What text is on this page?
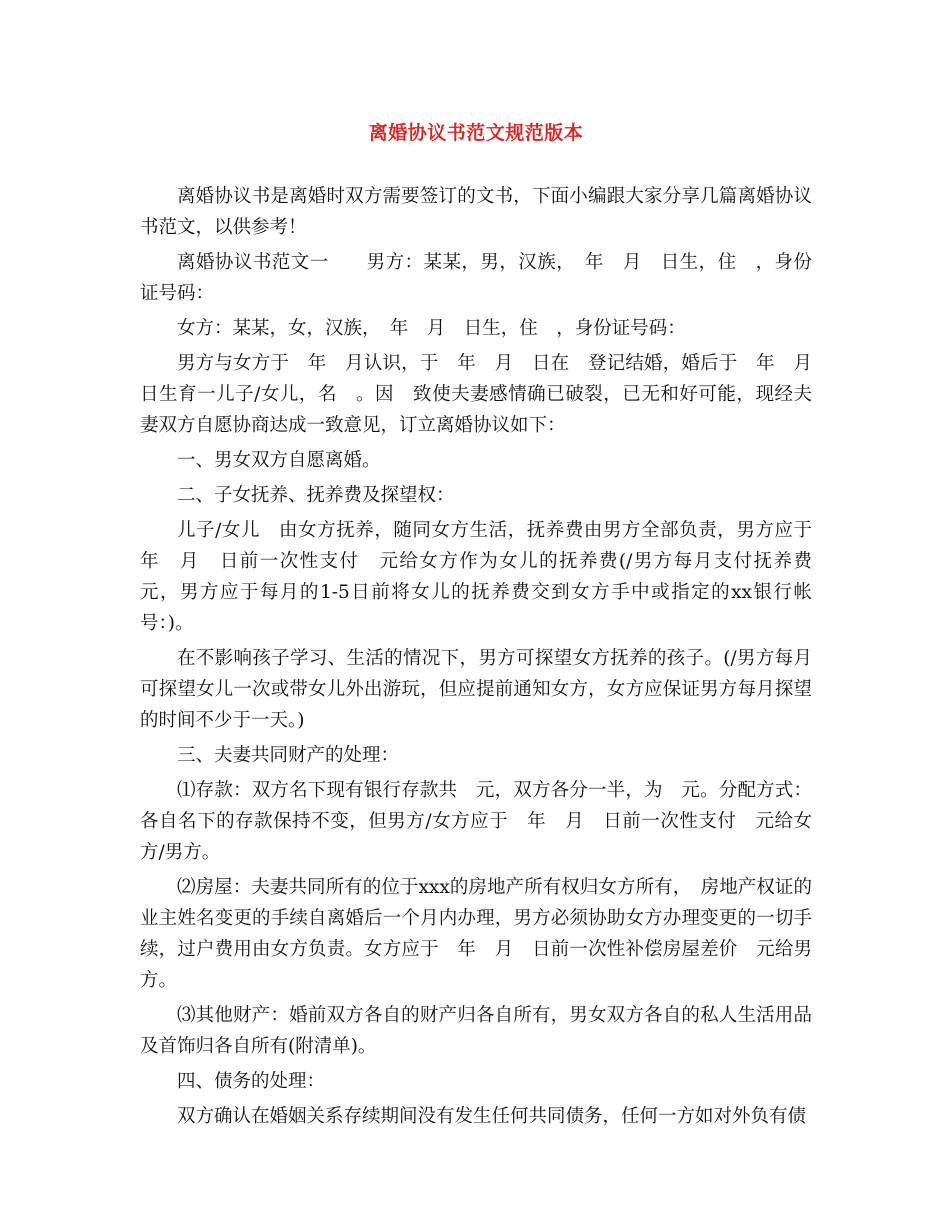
离婚协议书范文规范版本

离婚协议书是离婚时双方需要签订的文书，下面小编跟大家分享几篇离婚协议书范文，以供参考！

离婚协议书范文一　　男方：某某，男，汉族，　年　月　日生，住　，身份证号码：

女方：某某，女，汉族，　年　月　日生，住　，身份证号码：

男方与女方于　年　月认识，于　年　月　日在　登记结婚，婚后于　年　月　日生育一儿子/女儿，名　。因　致使夫妻感情确已破裂，已无和好可能，现经夫妻双方自愿协商达成一致意见，订立离婚协议如下：

一、男女双方自愿离婚。

二、子女抚养、抚养费及探望权：

儿子/女儿　由女方抚养，随同女方生活，抚养费由男方全部负责，男方应于　年　月　日前一次性支付　元给女方作为女儿的抚养费(/男方每月支付抚养费　元，男方应于每月的1-5日前将女儿的抚养费交到女方手中或指定的xx银行帐号：)。

在不影响孩子学习、生活的情况下，男方可探望女方抚养的孩子。(/男方每月可探望女儿一次或带女儿外出游玩，但应提前通知女方，女方应保证男方每月探望的时间不少于一天。)

三、夫妻共同财产的处理：

⑴存款：双方名下现有银行存款共　元，双方各分一半，为　元。分配方式：各自名下的存款保持不变，但男方/女方应于　年　月　日前一次性支付　元给女方/男方。

⑵房屋：夫妻共同所有的位于xxx的房地产所有权归女方所有，　房地产权证的业主姓名变更的手续自离婚后一个月内办理，男方必须协助女方办理变更的一切手续，过户费用由女方负责。女方应于　年　月　日前一次性补偿房屋差价　元给男方。

⑶其他财产：婚前双方各自的财产归各自所有，男女双方各自的私人生活用品及首饰归各自所有(附清单)。

四、债务的处理：

双方确认在婚姻关系存续期间没有发生任何共同债务，任何一方如对外负有债
